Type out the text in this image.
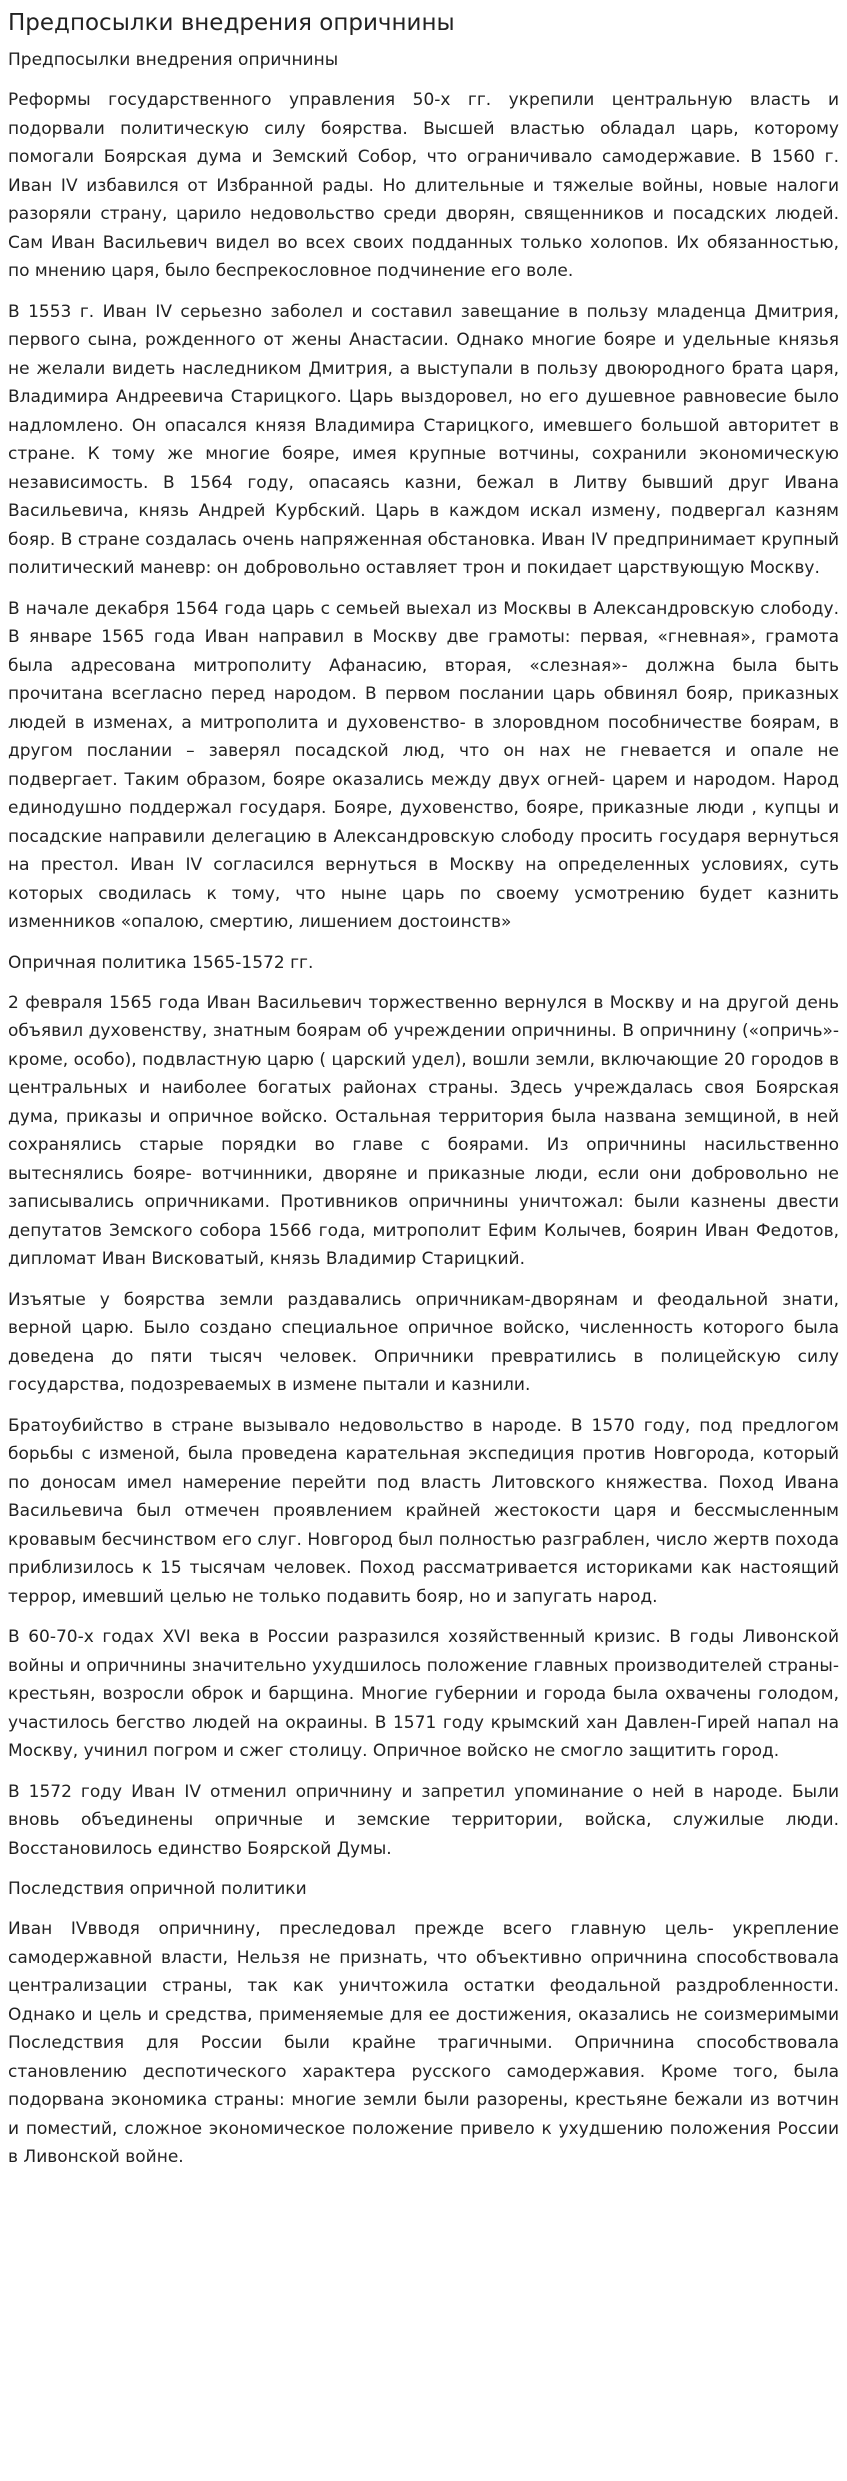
Предпосылки внедрения опричнины
Предпосылки внедрения опричнины

Реформы государственного управления 50-х гг. укрепили центральную власть и подорвали политическую силу боярства. Высшей властью обладал царь, которому помогали Боярская дума и Земский Собор, что ограничивало самодержавие. В 1560 г. Иван IV избавился от Избранной рады. Но длительные и тяжелые войны, новые налоги разоряли страну, царило недовольство среди дворян, священников и посадских людей. Сам Иван Васильевич видел во всех своих подданных только холопов. Их обязанностью, по мнению царя, было беспрекословное подчинение его воле.

В 1553 г. Иван IV серьезно заболел и составил завещание в пользу младенца Дмитрия, первого сына, рожденного от жены Анастасии. Однако многие бояре и удельные князья не желали видеть наследником Дмитрия, а выступали в пользу двоюродного брата царя, Владимира Андреевича Старицкого. Царь выздоровел, но его душевное равновесие было надломлено. Он опасался князя Владимира Старицкого, имевшего большой авторитет в стране. К тому же многие бояре, имея крупные вотчины, сохранили экономическую независимость. В 1564 году, опасаясь казни, бежал в Литву бывший друг Ивана Васильевича, князь Андрей Курбский. Царь в каждом искал измену, подвергал казням бояр. В стране создалась очень напряженная обстановка. Иван IV предпринимает крупный политический маневр: он добровольно оставляет трон и покидает царствующую Москву.

В начале декабря 1564 года царь с семьей выехал из Москвы в Александровскую слободу. В январе 1565 года Иван направил в Москву две грамоты: первая, «гневная», грамота была адресована митрополиту Афанасию, вторая, «слезная»- должна была быть прочитана всегласно перед народом. В первом послании царь обвинял бояр, приказных людей в изменах, а митрополита и духовенство- в злоровдном пособничестве боярам, в другом послании – заверял посадской люд, что он нах не гневается и опале не подвергает. Таким образом, бояре оказались между двух огней- царем и народом. Народ единодушно поддержал государя. Бояре, духовенство, бояре, приказные люди , купцы и посадские направили делегацию в Александровскую слободу просить государя вернуться на престол. Иван IV согласился вернуться в Москву на определенных условиях, суть которых сводилась к тому, что ныне царь по своему усмотрению будет казнить изменников «опалою, смертию, лишением достоинств»

Опричная политика 1565-1572 гг.

2 февраля 1565 года Иван Васильевич торжественно вернулся в Москву и на другой день объявил духовенству, знатным боярам об учреждении опричнины. В опричнину («опричь»- кроме, особо), подвластную царю ( царский удел), вошли земли, включающие 20 городов в центральных и наиболее богатых районах страны. Здесь учреждалась своя Боярская дума, приказы и опричное войско. Остальная территория была названа земщиной, в ней сохранялись старые порядки во главе с боярами. Из опричнины насильственно вытеснялись бояре- вотчинники, дворяне и приказные люди, если они добровольно не записывались опричниками. Противников опричнины уничтожал: были казнены двести депутатов Земского собора 1566 года, митрополит Ефим Колычев, боярин Иван Федотов, дипломат Иван Висковатый, князь Владимир Старицкий.

Изъятые у боярства земли раздавались опричникам-дворянам и феодальной знати, верной царю. Было создано специальное опричное войско, численность которого была доведена до пяти тысяч человек. Опричники превратились в полицейскую силу государства, подозреваемых в измене пытали и казнили.

Братоубийство в стране вызывало недовольство в народе. В 1570 году, под предлогом борьбы с изменой, была проведена карательная экспедиция против Новгорода, который по доносам имел намерение перейти под власть Литовского княжества. Поход Ивана Васильевича был отмечен проявлением крайней жестокости царя и бессмысленным кровавым бесчинством его слуг. Новгород был полностью разграблен, число жертв похода приблизилось к 15 тысячам человек. Поход рассматривается историками как настоящий террор, имевший целью не только подавить бояр, но и запугать народ.

В 60-70-х годах XVI века в России разразился хозяйственный кризис. В годы Ливонской войны и опричнины значительно ухудшилось положение главных производителей страны- крестьян, возросли оброк и барщина. Многие губернии и города была охвачены голодом, участилось бегство людей на окраины. В 1571 году крымский хан Давлен-Гирей напал на Москву, учинил погром и сжег столицу. Опричное войско не смогло защитить город.

В 1572 году Иван IV отменил опричнину и запретил упоминание о ней в народе. Были вновь объединены опричные и земские территории, войска, служилые люди. Восстановилось единство Боярской Думы.

Последствия опричной политики

Иван IVвводя опричнину, преследовал прежде всего главную цель- укрепление самодержавной власти, Нельзя не признать, что объективно опричнина способствовала централизации страны, так как уничтожила остатки феодальной раздробленности. Однако и цель и средства, применяемые для ее достижения, оказались не соизмеримыми Последствия для России были крайне трагичными. Опричнина способствовала становлению деспотического характера русского самодержавия. Кроме того, была подорвана экономика страны: многие земли были разорены, крестьяне бежали из вотчин и поместий, сложное экономическое положение привело к ухудшению положения России в Ливонской войне.
